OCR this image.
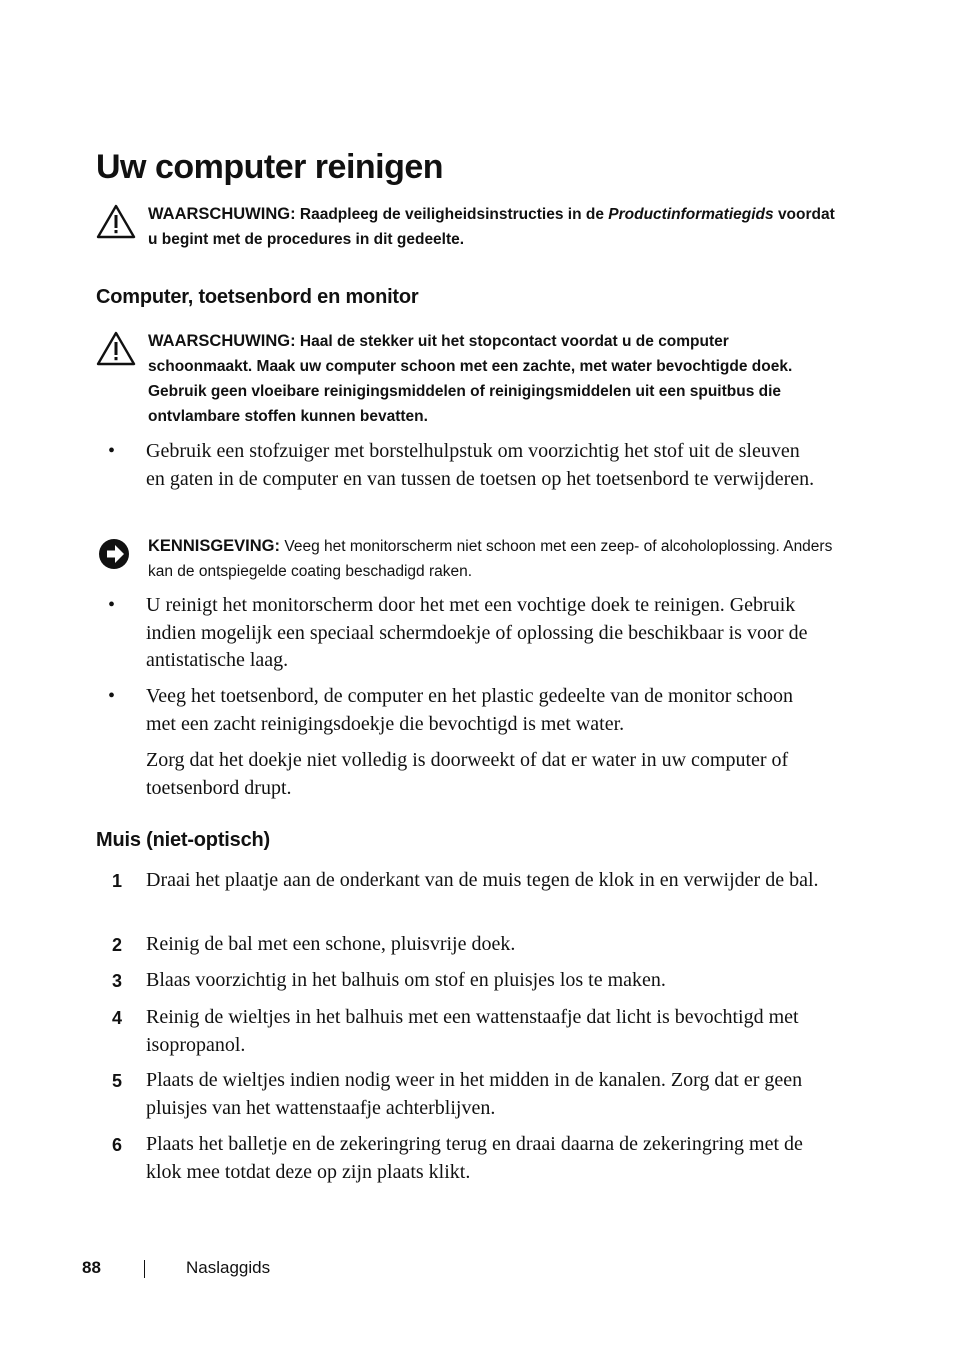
Uw computer reinigen
WAARSCHUWING: Raadpleeg de veiligheidsinstructies in de Productinformatiegids voordat u begint met de procedures in dit gedeelte.
Computer, toetsenbord en monitor
WAARSCHUWING: Haal de stekker uit het stopcontact voordat u de computer schoonmaakt. Maak uw computer schoon met een zachte, met water bevochtigde doek. Gebruik geen vloeibare reinigingsmiddelen of reinigingsmiddelen uit een spuitbus die ontvlambare stoffen kunnen bevatten.
• Gebruik een stofzuiger met borstelhulpstuk om voorzichtig het stof uit de sleuven en gaten in de computer en van tussen de toetsen op het toetsenbord te verwijderen.
KENNISGEVING: Veeg het monitorscherm niet schoon met een zeep- of alcoholoplossing. Anders kan de ontspiegelde coating beschadigd raken.
• U reinigt het monitorscherm door het met een vochtige doek te reinigen. Gebruik indien mogelijk een speciaal schermdoekje of oplossing die beschikbaar is voor de antistatische laag.
• Veeg het toetsenbord, de computer en het plastic gedeelte van de monitor schoon met een zacht reinigingsdoekje die bevochtigd is met water.
Zorg dat het doekje niet volledig is doorweekt of dat er water in uw computer of toetsenbord drupt.
Muis (niet-optisch)
1 Draai het plaatje aan de onderkant van de muis tegen de klok in en verwijder de bal.
2 Reinig de bal met een schone, pluisvrije doek.
3 Blaas voorzichtig in het balhuis om stof en pluisjes los te maken.
4 Reinig de wieltjes in het balhuis met een wattenstaafje dat licht is bevochtigd met isopropanol.
5 Plaats de wieltjes indien nodig weer in het midden in de kanalen. Zorg dat er geen pluisjes van het wattenstaafje achterblijven.
6 Plaats het balletje en de zekeringring terug en draai daarna de zekeringring met de klok mee totdat deze op zijn plaats klikt.
88	Naslaggids
